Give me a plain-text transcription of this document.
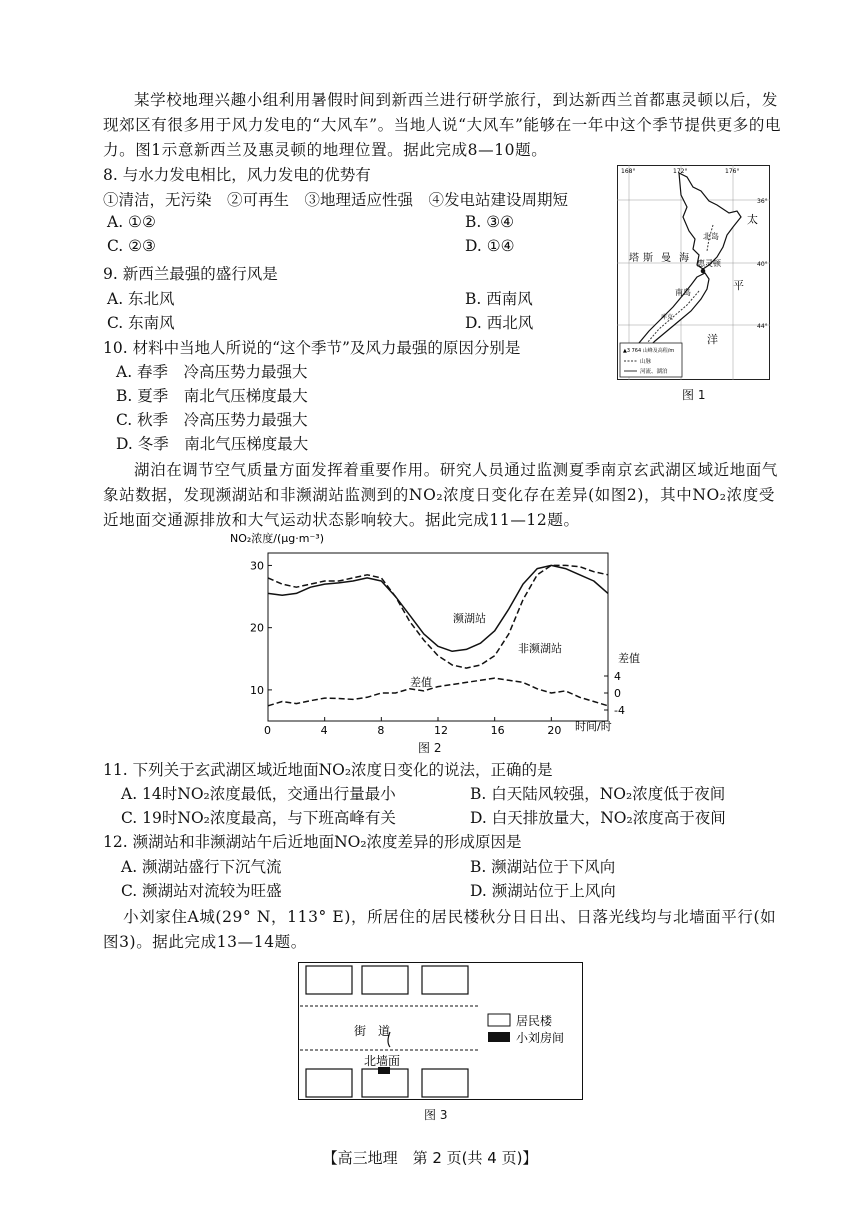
某学校地理兴趣小组利用暑假时间到新西兰进行研学旅行，到达新西兰首都惠灵顿以后，发现郊区有很多用于风力发电的“大风车”。当地人说“大风车”能够在一年中这个季节提供更多的电力。图1示意新西兰及惠灵顿的地理位置。据此完成8—10题。
8. 与水力发电相比，风力发电的优势有
①清洁，无污染　②可再生　③地理适应性强　④发电站建设周期短
A. ①②	B. ③④
C. ②③	D. ①④
9. 新西兰最强的盛行风是
A. 东北风	B. 西南风
C. 东南风	D. 西北风
10. 材料中当地人所说的“这个季节”及风力最强的原因分别是
A. 春季　冷高压势力最强大
B. 夏季　南北气压梯度最大
C. 秋季　冷高压势力最强大
D. 冬季　南北气压梯度最大
168°	172°	176°
36°
40°
44°
北岛
惠灵顿
南岛
库克
塔 斯 曼 海
太
平
洋
▲3 764 山峰及高程/m
山脉
河流、湖泊
图 1
湖泊在调节空气质量方面发挥着重要作用。研究人员通过监测夏季南京玄武湖区域近地面气象站数据，发现濒湖站和非濒湖站监测到的NO₂浓度日变化存在差异(如图2)，其中NO₂浓度受近地面交通源排放和大气运动状态影响较大。据此完成11—12题。
0	4	8	12	16	20
10
20
30
4
0
-4
NO₂浓度/(μg·m⁻³)
时间/时
差值
濒湖站
非濒湖站
差值
图 2
11. 下列关于玄武湖区域近地面NO₂浓度日变化的说法，正确的是
A. 14时NO₂浓度最低，交通出行量最小	B. 白天陆风较强，NO₂浓度低于夜间
C. 19时NO₂浓度最高，与下班高峰有关	D. 白天排放量大，NO₂浓度高于夜间
12. 濒湖站和非濒湖站午后近地面NO₂浓度差异的形成原因是
A. 濒湖站盛行下沉气流	B. 濒湖站位于下风向
C. 濒湖站对流较为旺盛	D. 濒湖站位于上风向
小刘家住A城(29° N，113° E)，所居住的居民楼秋分日日出、日落光线均与北墙面平行(如图3)。据此完成13—14题。
街　道
北墙面
居民楼
小刘房间
图 3
【高三地理　第 2 页(共 4 页)】
